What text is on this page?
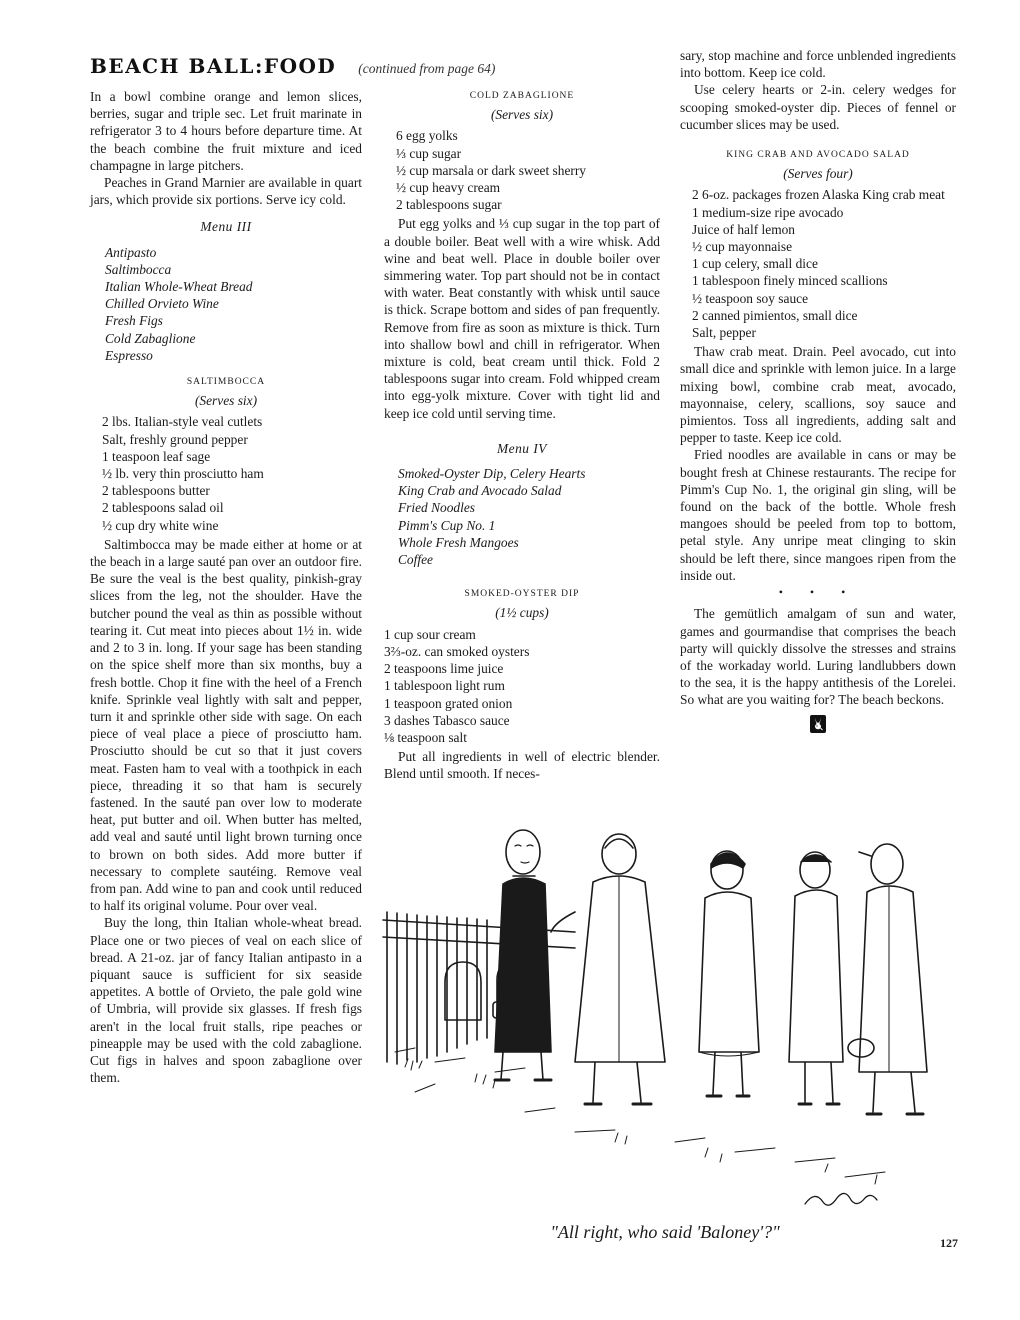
BEACH BALL:FOOD (continued from page 64)

In a bowl combine orange and lemon slices, berries, sugar and triple sec. Let fruit marinate in refrigerator 3 to 4 hours before departure time. At the beach combine the fruit mixture and iced champagne in large pitchers.

Peaches in Grand Marnier are available in quart jars, which provide six portions. Serve icy cold.

Menu III
Antipasto
Saltimbocca
Italian Whole-Wheat Bread
Chilled Orvieto Wine
Fresh Figs
Cold Zabaglione
Espresso
SALTIMBOCCA
(Serves six)
2 lbs. Italian-style veal cutlets
Salt, freshly ground pepper
1 teaspoon leaf sage
½ lb. very thin prosciutto ham
2 tablespoons butter
2 tablespoons salad oil
½ cup dry white wine

Saltimbocca may be made either at home or at the beach in a large sauté pan over an outdoor fire. Be sure the veal is the best quality, pinkish-gray slices from the leg, not the shoulder. Have the butcher pound the veal as thin as possible without tearing it. Cut meat into pieces about 1½ in. wide and 2 to 3 in. long. If your sage has been standing on the spice shelf more than six months, buy a fresh bottle. Chop it fine with the heel of a French knife. Sprinkle veal lightly with salt and pepper, turn it and sprinkle other side with sage. On each piece of veal place a piece of prosciutto ham. Prosciutto should be cut so that it just covers meat. Fasten ham to veal with a toothpick in each piece, threading it so that ham is securely fastened. In the sauté pan over low to moderate heat, put butter and oil. When butter has melted, add veal and sauté until light brown turning once to brown on both sides. Add more butter if necessary to complete sautéing. Remove veal from pan. Add wine to pan and cook until reduced to half its original volume. Pour over veal.

Buy the long, thin Italian whole-wheat bread. Place one or two pieces of veal on each slice of bread. A 21-oz. jar of fancy Italian antipasto in a piquant sauce is sufficient for six seaside appetites. A bottle of Orvieto, the pale gold wine of Umbria, will provide six glasses. If fresh figs aren't in the local fruit stalls, ripe peaches or pineapple may be used with the cold zabaglione. Cut figs in halves and spoon zabaglione over them.

COLD ZABAGLIONE
(Serves six)
6 egg yolks
⅓ cup sugar
½ cup marsala or dark sweet sherry
½ cup heavy cream
2 tablespoons sugar

Put egg yolks and ⅓ cup sugar in the top part of a double boiler. Beat well with a wire whisk. Add wine and beat well. Place in double boiler over simmering water. Top part should not be in contact with water. Beat constantly with whisk until sauce is thick. Scrape bottom and sides of pan frequently. Remove from fire as soon as mixture is thick. Turn into shallow bowl and chill in refrigerator. When mixture is cold, beat cream until thick. Fold 2 tablespoons sugar into cream. Fold whipped cream into egg-yolk mixture. Cover with tight lid and keep ice cold until serving time.

Menu IV
Smoked-Oyster Dip, Celery Hearts
King Crab and Avocado Salad
Fried Noodles
Pimm's Cup No. 1
Whole Fresh Mangoes
Coffee
SMOKED-OYSTER DIP
(1½ cups)
1 cup sour cream
3⅔-oz. can smoked oysters
2 teaspoons lime juice
1 tablespoon light rum
1 teaspoon grated onion
3 dashes Tabasco sauce
⅛ teaspoon salt

Put all ingredients in well of electric blender. Blend until smooth. If neces-

sary, stop machine and force unblended ingredients into bottom. Keep ice cold.

Use celery hearts or 2-in. celery wedges for scooping smoked-oyster dip. Pieces of fennel or cucumber slices may be used.

KING CRAB AND AVOCADO SALAD
(Serves four)
2 6-oz. packages frozen Alaska King crab meat
1 medium-size ripe avocado
Juice of half lemon
½ cup mayonnaise
1 cup celery, small dice
1 tablespoon finely minced scallions
½ teaspoon soy sauce
2 canned pimientos, small dice
Salt, pepper

Thaw crab meat. Drain. Peel avocado, cut into small dice and sprinkle with lemon juice. In a large mixing bowl, combine crab meat, avocado, mayonnaise, celery, scallions, soy sauce and pimientos. Toss all ingredients, adding salt and pepper to taste. Keep ice cold.

Fried noodles are available in cans or may be bought fresh at Chinese restaurants. The recipe for Pimm's Cup No. 1, the original gin sling, will be found on the back of the bottle. Whole fresh mangoes should be peeled from top to bottom, petal style. Any unripe meat clinging to skin should be left there, since mangoes ripen from the inside out.

• • •

The gemütlich amalgam of sun and water, games and gourmandise that comprises the beach party will quickly dissolve the stresses and strains of the workaday world. Luring landlubbers down to the sea, it is the happy antithesis of the Lorelei. So what are you waiting for? The beach beckons.

"All right, who said 'Baloney'?"
127
